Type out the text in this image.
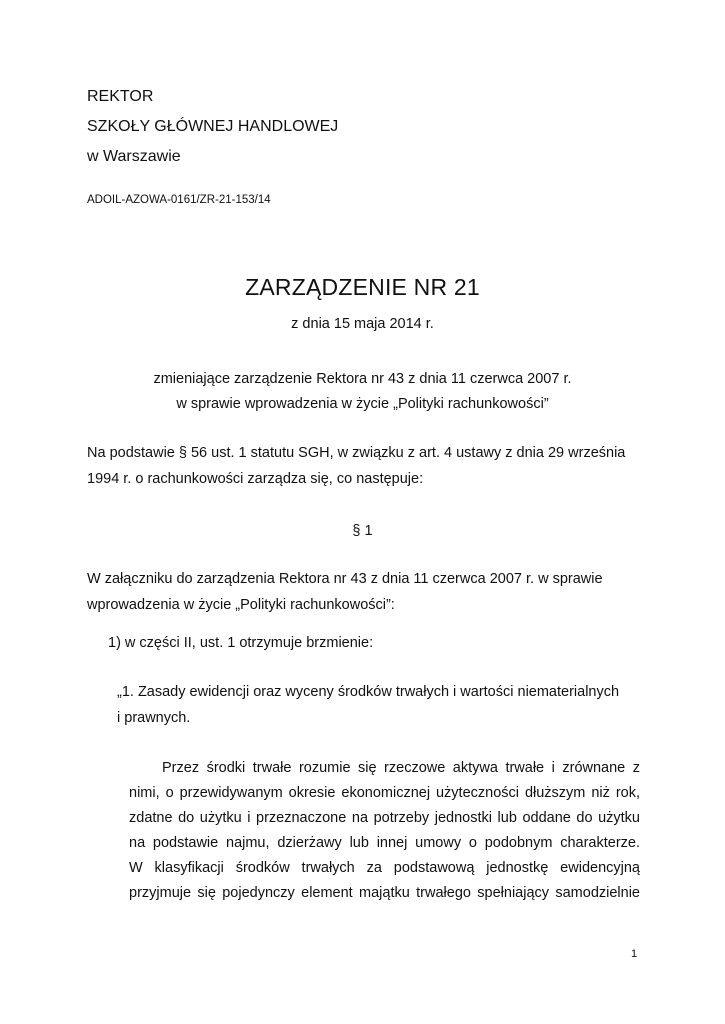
REKTOR
SZKOŁY GŁÓWNEJ HANDLOWEJ
w Warszawie
ADOIL-AZOWA-0161/ZR-21-153/14
ZARZĄDZENIE NR 21
z dnia 15 maja 2014 r.
zmieniające zarządzenie Rektora nr 43 z dnia 11 czerwca 2007 r.
w sprawie wprowadzenia w życie „Polityki rachunkowości”
Na podstawie § 56 ust. 1 statutu SGH, w związku z art. 4 ustawy z dnia 29 września
1994 r. o rachunkowości zarządza się, co następuje:
§ 1
W załączniku do zarządzenia Rektora nr 43 z dnia 11 czerwca 2007 r. w sprawie
wprowadzenia w życie „Polityki rachunkowości”:
1) w części II, ust. 1 otrzymuje brzmienie:
„1. Zasady ewidencji oraz wyceny środków trwałych i wartości niematerialnych
i prawnych.
Przez środki trwałe rozumie się rzeczowe aktywa trwałe i zrównane z
nimi, o przewidywanym okresie ekonomicznej użyteczności dłuższym niż rok,
zdatne do użytku i przeznaczone na potrzeby jednostki lub oddane do użytku
na podstawie najmu, dzierżawy lub innej umowy o podobnym charakterze.
W klasyfikacji środków trwałych za podstawową jednostkę ewidencyjną
przyjmuje się pojedynczy element majątku trwałego spełniający samodzielnie
1
